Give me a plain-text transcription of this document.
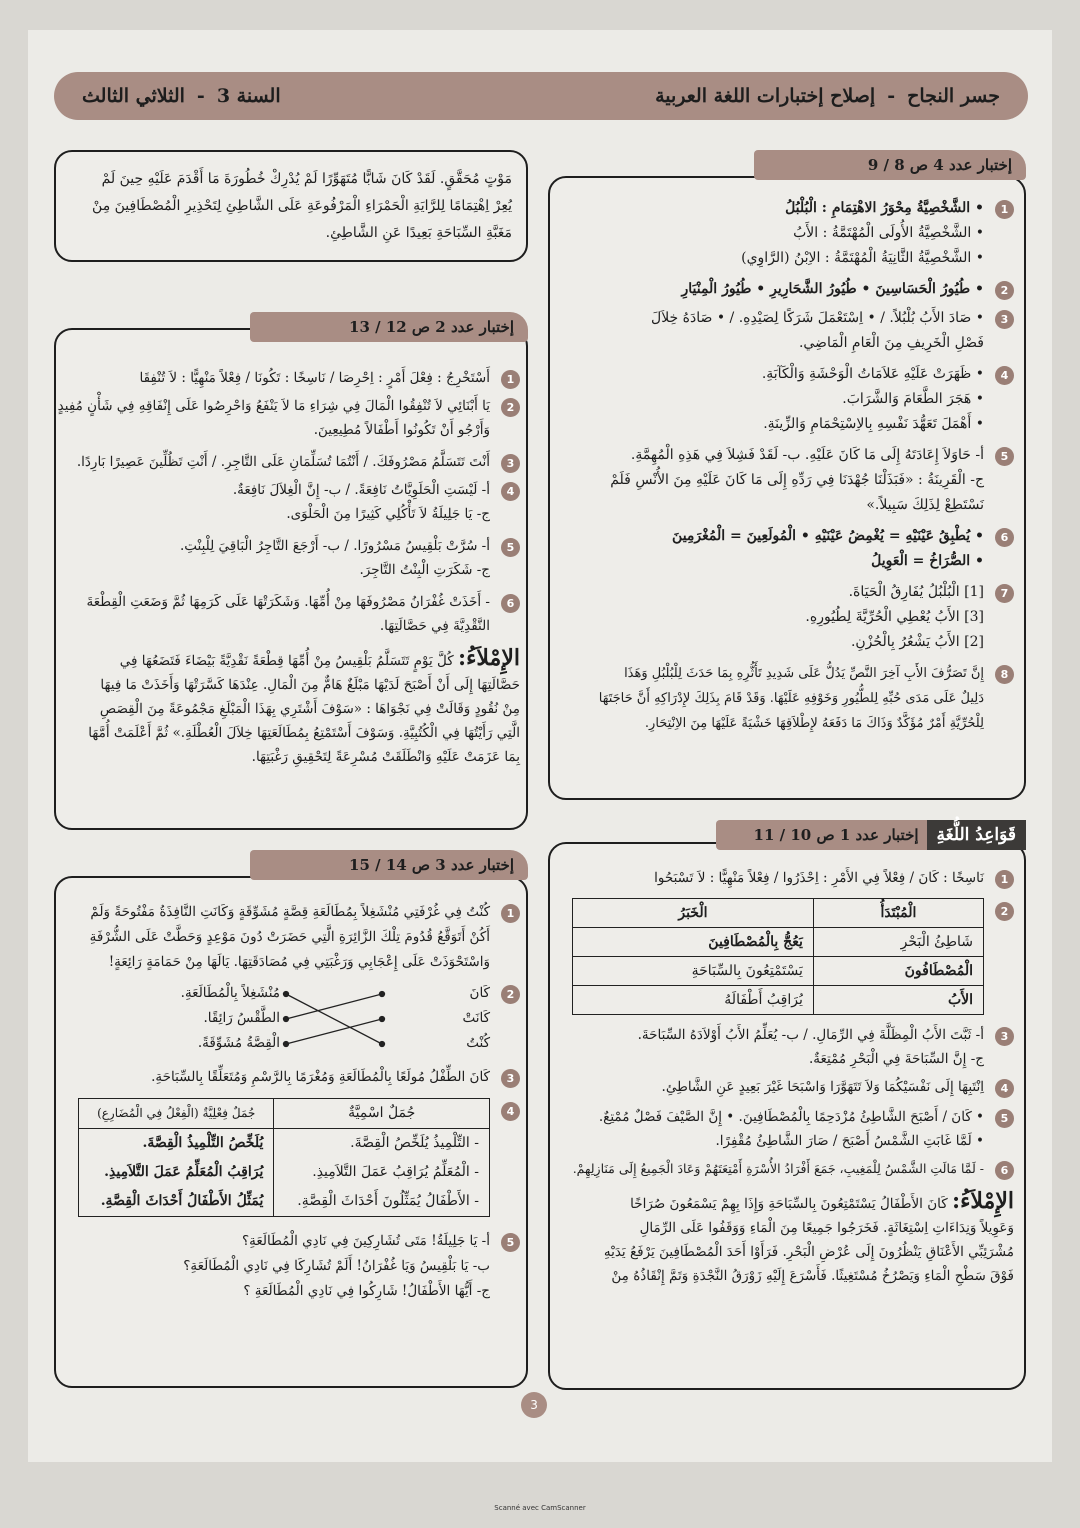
جسر النجاح-إصلاح إختبارات اللغة العربية
السنة 3-الثلاثي الثالث
مَوْتٍ مُحَقَّقٍ. لَقَدْ كَانَ شَابًّا مُتَهَوِّرًا لَمْ يُدْرِكْ خُطُورَةَ مَا أَقْدَمَ عَلَيْهِ حِينَ لَمْ
يُعِرْ اِهْتِمَامًا لِلرَّايَةِ الْحَمْرَاءِ الْمَرْفُوعَةِ عَلَى الشَّاطِئِ لِتَحْذِيرِ الْمُصْطَافِينَ مِنْ
مَغَبَّةِ السِّبَاحَةِ بَعِيدًا عَنِ الشَّاطِئِ.
إختبار عدد 4 ص 8 / 9
1
• الشَّخْصِيَّةُ مِحْوَرُ الاهْتِمَامِ : الْبُلْبُلُ
• الشَّخْصِيَّةُ الأُولَى الْمُهْتَمَّةُ : الأَبُ
• الشَّخْصِيَّةُ الثَّانِيَةُ الْمُهْتَمَّةُ : الاِبْنُ (الرَّاوِي)
2
• طُيُورُ الْحَسَاسِينَ • طُيُورُ الشَّحَارِيرِ • طُيُورُ الْمِنْيَارِ
3
• صَادَ الأَبُ بُلْبُلاً. / • اِسْتَعْمَلَ شَرَكًا لِصَيْدِهِ. / • صَادَهُ خِلاَلَ
فَصْلِ الْخَرِيفِ مِنَ الْعَامِ الْمَاضِي.
4
• ظَهَرَتْ عَلَيْهِ عَلاَمَاتُ الْوَحْشَةِ وَالْكَآبَةِ.
• هَجَرَ الطَّعَامَ وَالشَّرَابَ.
• أَهْمَلَ تَعَهُّدَ نَفْسِهِ بِالاِسْتِحْمَامِ وَالزِّينَةِ.
5
أ- حَاوَلاَ إِعَادَتَهُ إِلَى مَا كَانَ عَلَيْهِ. ب- لَقَدْ فَشِلاَ فِي هَذِهِ الْمُهِمَّةِ.
ج- الْقَرِينَةُ : «فَبَذَلْنَا جُهْدَنَا فِي رَدِّهِ إِلَى مَا كَانَ عَلَيْهِ مِنَ الأُنْسِ فَلَمْ
نَسْتَطِعْ لِذَلِكَ سَبِيلاً.»
6
• يُطْبِقُ عَيْنَيْهِ = يُغْمِضُ عَيْنَيْهِ • الْمُولَعِينَ = الْمُغْرَمِينَ
• الصُّرَاخُ = الْعَوِيلُ
7
[1] الْبُلْبُلُ يُفَارِقُ الْحَيَاةَ.
[3] الأَبُ يُعْطِي الْحُرِّيَّةَ لِطُيُورِهِ.
[2] الأَبُ يَشْعُرُ بِالْحُزْنِ.
8
إِنَّ تَصَرُّفَ الأَبِ آخِرَ النَّصِّ يَدُلُّ عَلَى شَدِيدِ تَأَثُّرِهِ بِمَا حَدَثَ لِلْبُلْبُلِ وَهَذَا
دَلِيلٌ عَلَى مَدَى حُبِّهِ لِلطُّيُورِ وَخَوْفِهِ عَلَيْهَا. وَقَدْ قَامَ بِذَلِكَ لإِدْرَاكِهِ أَنَّ حَاجَتَهَا
لِلْحُرِّيَّةِ أَمْرٌ مُؤَكَّدٌ وَذَاكَ مَا دَفَعَهُ لإِطْلاَقِهَا خَشْيَةً عَلَيْهَا مِنَ الاِنْتِحَارِ.
إختبار عدد 2 ص 12 / 13
1
أَسْتَخْرِجُ : فِعْلَ أَمْرٍ : اِحْرِصَا / نَاسِخًا : تَكُونَا / فِعْلاً مَنْهِيًّا : لاَ تُنْفِقَا
2
يَا أَبْنَائِي لاَ تُنْفِقُوا الْمَالَ فِي شِرَاءِ مَا لاَ يَنْفَعُ وَاحْرِصُوا عَلَى إِنْفَاقِهِ فِي شَأْنٍ مُفِيدٍ
وَأَرْجُو أَنْ تَكُونُوا أَطْفَالاً مُطِيعِينَ.
3
أَنْتَ تَتَسَلَّمُ مَصْرُوفَكَ. / أَنْتُمَا تُسَلِّمَانِ عَلَى التَّاجِرِ. / أَنْتِ تَظُلِّينَ عَصِيرًا بَارِدًا.
4
أ- لَيْسَتِ الْحَلَوِيَّاتُ نَافِعَةً. / ب- إِنَّ الْغِلاَلَ نَافِعَةٌ.
ج- يَا جَلِيلَةُ لاَ تَأْكُلِي كَثِيرًا مِنَ الْحَلْوَى.
5
أ- سُرَّتْ بَلْقِيسُ مَسْرُورًا. / ب- أَرْجَعَ التَّاجِرُ الْبَاقِيَ لِلْبِنْتِ.
ج- شَكَرَتِ الْبِنْتُ التَّاجِرَ.
6
- أَخَذَتْ غُفْرَانُ مَصْرُوفَهَا مِنْ أُمِّهَا. وَشَكَرَتْهَا عَلَى كَرَمِهَا ثُمَّ وَضَعَتِ الْقِطْعَةَ
النَّقْدِيَّةَ فِي حَصَّالَتِهَا.
الإِمْلاَءُ: كُلَّ يَوْمٍ تَتَسَلَّمُ بَلْقِيسُ مِنْ أُمِّهَا قِطْعَةً نَقْدِيَّةً بَيْضَاءَ فَتَضَعُهَا فِي
حَصَّالَتِهَا إِلَى أَنْ أَصْبَحَ لَدَيْهَا مَبْلَغٌ هَامٌّ مِنَ الْمَالِ. عِنْدَهَا كَسَّرَتْهَا وَأَخَذَتْ مَا فِيهَا
مِنْ نُقُودٍ وَقَالَتْ فِي نَجْوَاهَا : «سَوْفَ أَشْتَرِي بِهَذَا الْمَبْلَغِ مَجْمُوعَةً مِنَ الْقِصَصِ
الَّتِي رَأَيْتُهَا فِي الْكُتُبِيَّةِ. وَسَوْفَ أَسْتَمْتِعُ بِمُطَالَعَتِهَا خِلاَلَ الْعُطْلَةِ.» ثُمَّ أَعْلَمَتْ أُمَّهَا
بِمَا عَزَمَتْ عَلَيْهِ وَانْطَلَقَتْ مُسْرِعَةً لِتَحْقِيقِ رَغْبَتِهَا.
قَوَاعِدُ اللُّغَةِ
إختبار عدد 1 ص 10 / 11
1
نَاسِخًا : كَانَ / فِعْلاً فِي الأَمْرِ : اِحْذَرُوا / فِعْلاً مَنْهِيًّا : لاَ تَسْبَحُوا
2
الْمُبْتَدَأُ	الْخَبَرُ
شَاطِئُ الْبَحْرِ	يَعُجُّ بِالْمُصْطَافِينَ
الْمُصْطَافُونَ	يَسْتَمْتِعُونَ بِالسِّبَاحَةِ
الأَبُ	يُرَاقِبُ أَطْفَالَهُ
3
أ- ثَبَّتَ الأَبُ الْمِظَلَّةَ فِي الرِّمَالِ. / ب- يُعَلِّمُ الأَبُ أَوْلاَدَهُ السِّبَاحَةَ.
ج- إِنَّ السِّبَاحَةَ فِي الْبَحْرِ مُمْتِعَةٌ.
4
اِنْتَبِهَا إِلَى نَفْسَيْكُمَا وَلاَ تَتَهَوَّرَا وَاسْبَحَا غَيْرَ بَعِيدٍ عَنِ الشَّاطِئِ.
5
• كَانَ / أَصْبَحَ الشَّاطِئُ مُزْدَحِمًا بِالْمُصْطَافِينَ. • إِنَّ الصَّيْفَ فَصْلٌ مُمْتِعٌ.
• لَمَّا غَابَتِ الشَّمْسُ أَصْبَحَ / صَارَ الشَّاطِئُ مُقْفِرًا.
6
- لَمَّا مَالَتِ الشَّمْسُ لِلْمَغِيبِ، جَمَعَ أَفْرَادُ الأُسْرَةِ أَمْتِعَتَهُمْ وَعَادَ الْجَمِيعُ إِلَى مَنَازِلِهِمْ.
الإِمْلاَءُ: كَانَ الأَطْفَالُ يَسْتَمْتِعُونَ بِالسِّبَاحَةِ وَإِذَا بِهِمْ يَسْمَعُونَ صُرَاخًا
وَعَوِيلاً وَنِدَاءَاتِ اِسْتِغَاثَةٍ. فَخَرَجُوا جَمِيعًا مِنَ الْمَاءِ وَوَقَفُوا عَلَى الرِّمَالِ
مُشْرَئِبِّي الأَعْنَاقِ يَنْظُرُونَ إِلَى عُرْضِ الْبَحْرِ. فَرَأَوْا أَحَدَ الْمُصْطَافِينَ يَرْفَعُ يَدَيْهِ
فَوْقَ سَطْحِ الْمَاءِ وَيَصْرُخُ مُسْتَغِيثًا. فَأَسْرَعَ إِلَيْهِ زَوْرَقُ النَّجْدَةِ وَتَمَّ إِنْقَاذُهُ مِنْ
إختبار عدد 3 ص 14 / 15
1
كُنْتُ فِي غُرْفَتِي مُنْشَغِلاً بِمُطَالَعَةِ قِصَّةٍ مُشَوِّقَةٍ وَكَانَتِ النَّافِذَةُ مَفْتُوحَةً وَلَمْ
أَكُنْ أَتَوَقَّعُ قُدُومَ تِلْكَ الزَّائِرَةِ الَّتِي حَضَرَتْ دُونَ مَوْعِدٍ وَحَطَّتْ عَلَى الشُّرْفَةِ
وَاسْتَحْوَذَتْ عَلَى إِعْجَابِي وَرَغْبَتِي فِي مُصَادَقَتِهَا. يَالَهَا مِنْ حَمَامَةٍ رَائِعَةٍ!
2
كَانَ
كَانَتْ
كُنْتُ
مُنْشَغِلاً بِالْمُطَالَعَةِ.
الطَّقْسُ رَائِقًا.
الْقِصَّةُ مُشَوِّقَةً.
3
كَانَ الطِّفْلُ مُولَعًا بِالْمُطَالَعَةِ وَمُغْرَمًا بِالرَّسْمِ وَمُتَعَلِّقًا بِالسِّبَاحَةِ.
4
جُمَلٌ اسْمِيَّةٌ	جُمَلٌ فِعْلِيَّةٌ (الْفِعْلُ فِي الْمُضَارِعِ)
- التِّلْمِيذُ يُلَخِّصُ الْقِصَّةَ.	يُلَخِّصُ التِّلْمِيذُ الْقِصَّةَ.
- الْمُعَلِّمُ يُرَاقِبُ عَمَلَ التَّلاَمِيذِ.	يُرَاقِبُ الْمُعَلِّمُ عَمَلَ التَّلاَمِيذِ.
- الأَطْفَالُ يُمَثِّلُونَ أَحْدَاثَ الْقِصَّةِ.	يُمَثِّلُ الأَطْفَالُ أَحْدَاثَ الْقِصَّةِ.
5
أ- يَا جَلِيلَةُ! مَتَى تُشَارِكِينَ فِي نَادِي الْمُطَالَعَةِ؟
ب- يَا بَلْقِيسُ وَيَا غُفْرَانُ! أَلَمْ تُشَارِكَا فِي نَادِي الْمُطَالَعَةِ؟
ج- أَيُّهَا الأَطْفَالُ! شَارِكُوا فِي نَادِي الْمُطَالَعَةِ ؟
3
Scanné avec CamScanner
